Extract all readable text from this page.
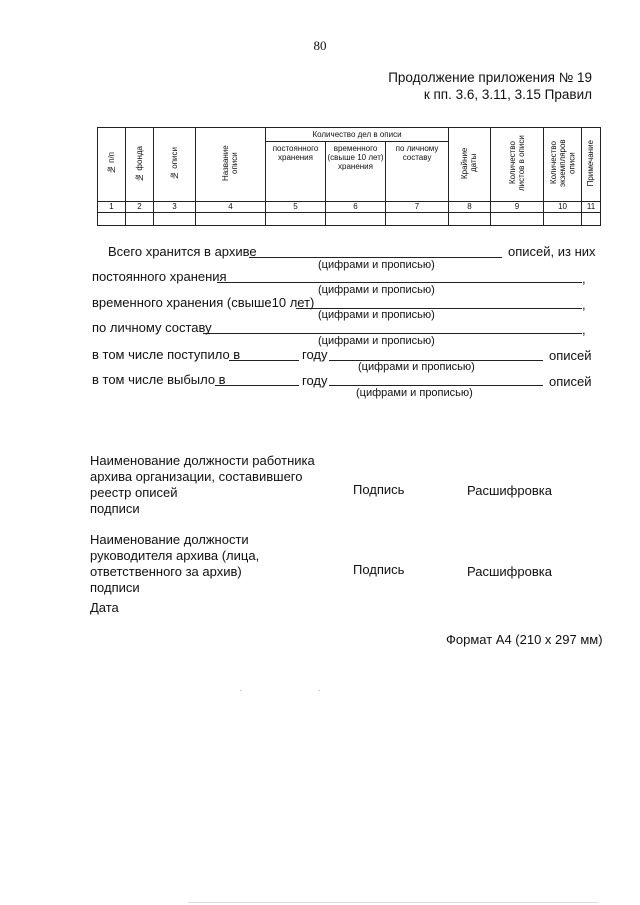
80
Продолжение приложения № 19
к пп. 3.6, 3.11, 3.15 Правил
№ п/п	№ фонда	№ описи	Название описи	Количество дел в описи			Крайние даты	Количество листов в описи	Количество экземпляров описи	Примечание
				постоянного хранения	временного (свыше 10 лет) хранения	по личному составу				
1	2	3	4	5	6	7	8	9	10	11

Всего хранится в архиве	описей, из них
(цифрами и прописью)
постоянного хранения	,
(цифрами и прописью)
временного хранения (свыше10 лет)	,
(цифрами и прописью)
по личному составу	,
(цифрами и прописью)
в том числе поступило в	году	описей
(цифрами и прописью)
в том числе выбыло в	году	описей
(цифрами и прописью)
Наименование должности работника
архива организации, составившего
реестр описей
подписи
Подпись	Расшифровка
Наименование должности
руководителя архива (лица,
ответственного за архив)
подписи
Подпись	Расшифровка
Дата
Формат А4 (210 х 297 мм)
